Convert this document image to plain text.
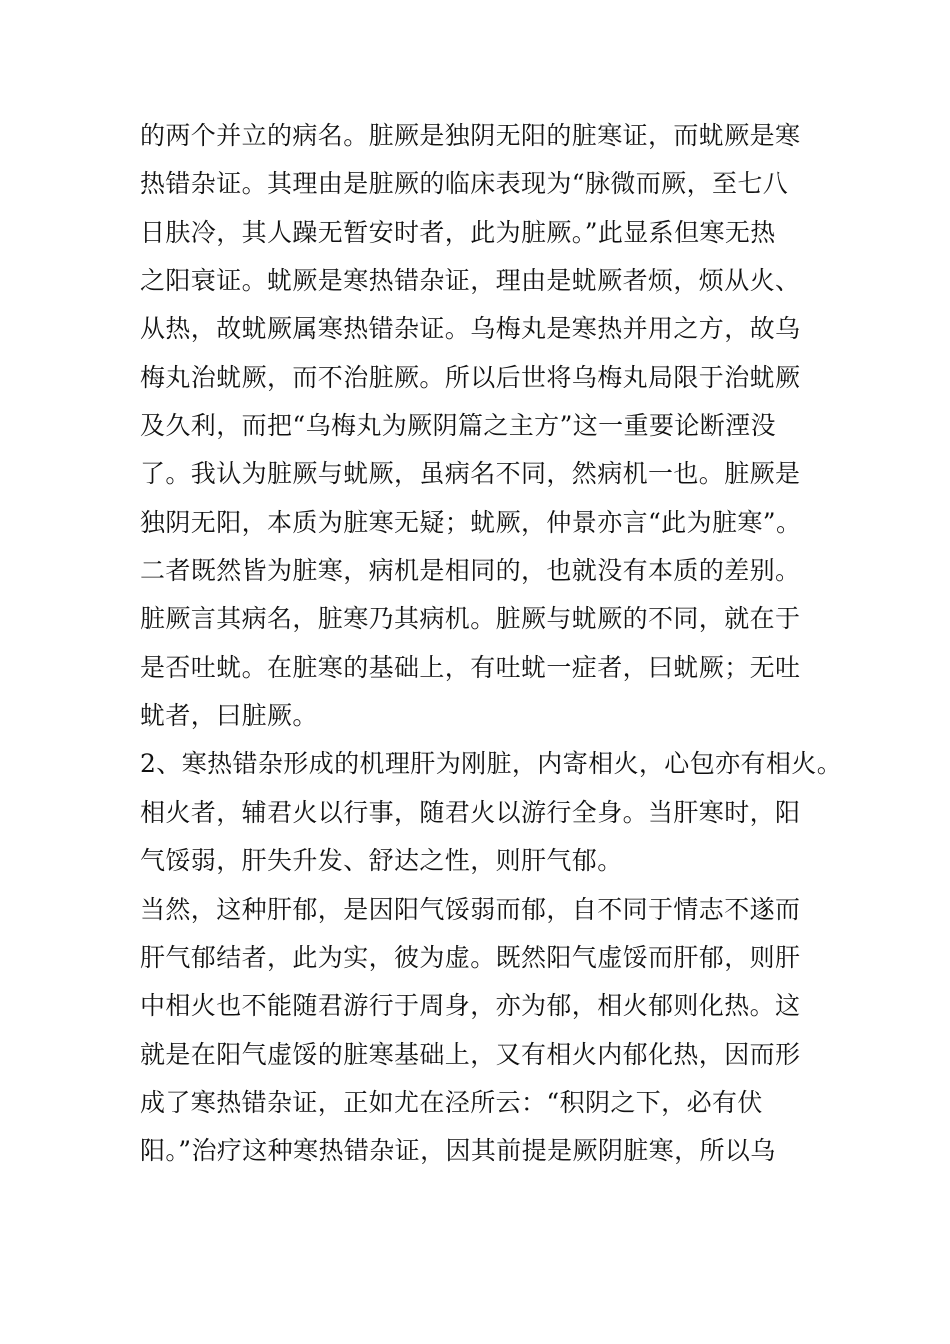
的两个并立的病名。脏厥是独阴无阳的脏寒证，而蚘厥是寒
热错杂证。其理由是脏厥的临床表现为“脉微而厥，至七八
日肤冷，其人躁无暂安时者，此为脏厥。”此显系但寒无热
之阳衰证。蚘厥是寒热错杂证，理由是蚘厥者烦，烦从火、
从热，故蚘厥属寒热错杂证。乌梅丸是寒热并用之方，故乌
梅丸治蚘厥，而不治脏厥。所以后世将乌梅丸局限于治蚘厥
及久利，而把“乌梅丸为厥阴篇之主方”这一重要论断湮没
了。我认为脏厥与蚘厥，虽病名不同，然病机一也。脏厥是
独阴无阳，本质为脏寒无疑；蚘厥，仲景亦言“此为脏寒”。
二者既然皆为脏寒，病机是相同的，也就没有本质的差别。
脏厥言其病名，脏寒乃其病机。脏厥与蚘厥的不同，就在于
是否吐蚘。在脏寒的基础上，有吐蚘一症者，曰蚘厥；无吐
蚘者，曰脏厥。
2、寒热错杂形成的机理肝为刚脏，内寄相火，心包亦有相火。
相火者，辅君火以行事，随君火以游行全身。当肝寒时，阳
气馁弱，肝失升发、舒达之性，则肝气郁。
当然，这种肝郁，是因阳气馁弱而郁，自不同于情志不遂而
肝气郁结者，此为实，彼为虚。既然阳气虚馁而肝郁，则肝
中相火也不能随君游行于周身，亦为郁，相火郁则化热。这
就是在阳气虚馁的脏寒基础上，又有相火内郁化热，因而形
成了寒热错杂证，正如尤在泾所云：“积阴之下，必有伏
阳。”治疗这种寒热错杂证，因其前提是厥阴脏寒，所以乌
